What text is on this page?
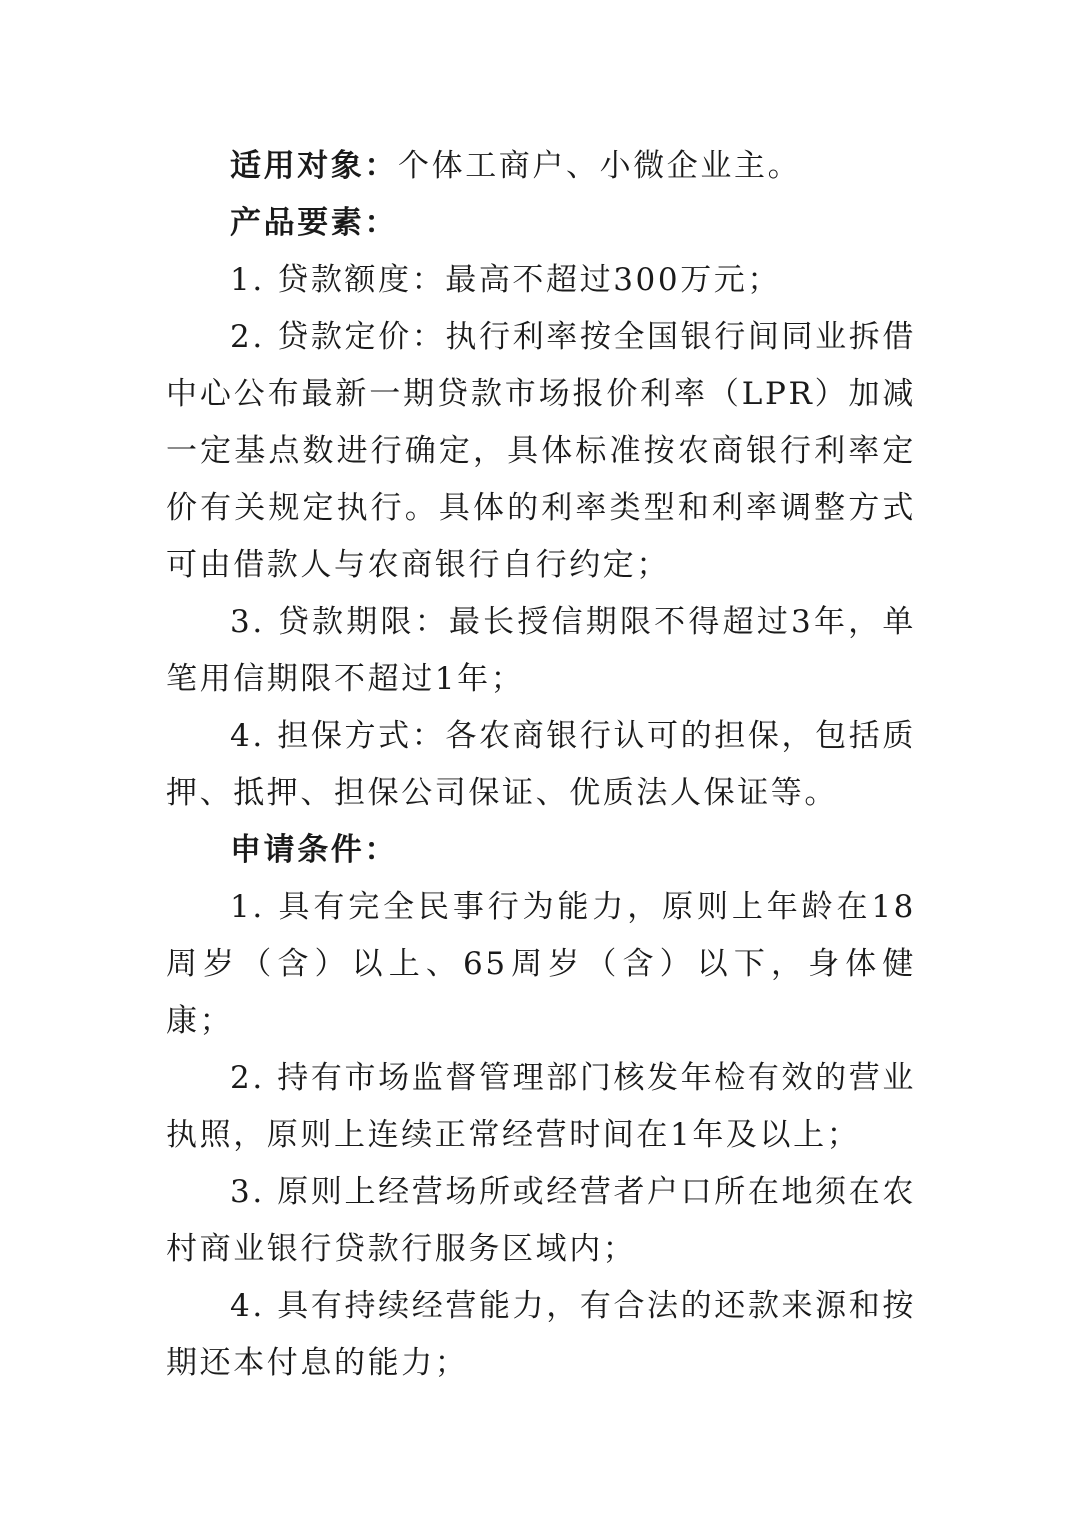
适用对象：个体工商户、小微企业主。

产品要素：

1. 贷款额度：最高不超过300万元；

2. 贷款定价：执行利率按全国银行间同业拆借中心公布最新一期贷款市场报价利率（LPR）加减一定基点数进行确定，具体标准按农商银行利率定价有关规定执行。具体的利率类型和利率调整方式可由借款人与农商银行自行约定；

3. 贷款期限：最长授信期限不得超过3年，单笔用信期限不超过1年；

4. 担保方式：各农商银行认可的担保，包括质押、抵押、担保公司保证、优质法人保证等。

申请条件：

1. 具有完全民事行为能力，原则上年龄在18周岁（含）以上、65周岁（含）以下，身体健康；

2. 持有市场监督管理部门核发年检有效的营业执照，原则上连续正常经营时间在1年及以上；

3. 原则上经营场所或经营者户口所在地须在农村商业银行贷款行服务区域内；

4. 具有持续经营能力，有合法的还款来源和按期还本付息的能力；
